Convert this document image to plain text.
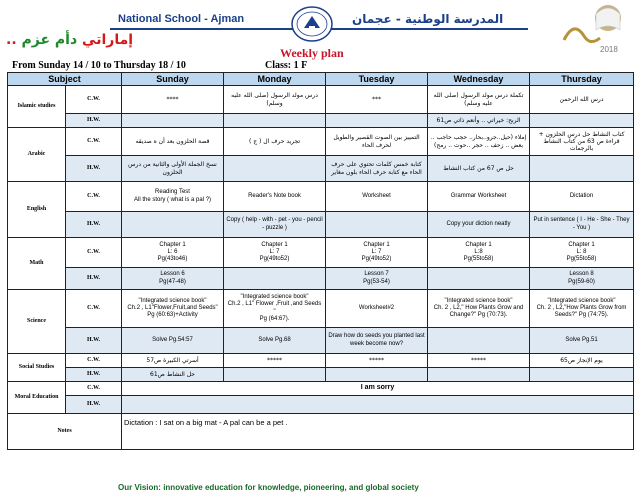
National School - Ajman	المدرسة الوطنية - عجمان
.. إماراتي دأم عزم
2018
Weekly plan
From Sunday 14 / 10 to Thursday 18 / 10	Class: 1 F
Subject		Sunday	Monday	Tuesday	Wednesday	Thursday
Islamic studies	C.W.	****	درس مولد الرسول (صلى الله عليه وسلم)	***	تكملة درس مولد الرسول (صلى الله عليه وسلم)	درس الله الرحمن
	H.W.				الربح: خيراتي .. وأنعم ذاتي ص61	
Arabic	C.W.	قصة الحلزون بعد أن ه صديقه	تجريد حرف ال ( ج )	التمييز بين الصوت القصير والطويل لحرف الحاء	إملاء (حيل..جرو..بحار.. حجب حاجب .. بعض .. زحف .. حجر ..حوت .. رمح)	كتاب النشاط حل درس الحلزون + قراءة ص 63 من كتاب النشاط بالرجمات
	H.W.	نسخ الجملة الأولى والثانية من درس الحلزون		كتابة خمس كلمات تحتوي على حرف الحاء مع كتابة حرف الحاء بلون مغاير	حل ص 67 من كتاب النشاط	
English	C.W.	Reading Test
All the story ( what is a pal ?)	Reader's Note book	Worksheet	Grammar Worksheet	Dictation
	H.W.		Copy ( help - with - pet - you - pencil - puzzle )		Copy your diction neatly	Put in sentence ( I - He - She - They - You )
Math	C.W.	Chapter 1
L: 6
Pg(43to46)	Chapter 1
L: 7
Pg(49to52)	Chapter 1
L: 7
Pg(49to52)	Chapter 1
L:8
Pg(55to58)	Chapter 1
L: 8
Pg(55to58)
	H.W.	Lesson 6
Pg(47-48)		Lesson 7
Pg(53-54)		Lesson 8
Pg(59-60)
Science	C.W.	"Integrated science book"
Ch.2 , L1"Flower,Fruit,and Seeds"
Pg (60:63)+Activity	"Integrated science book"
Ch.2 , L1" Flower ,Fruit ,and Seeds "
Pg (64:67).	Worksheet#2	"Integrated science book"
Ch. 2 , L2," How Plants Grow and Change?" Pg (70:73).	"Integrated science book"
Ch. 2 , L2,"How Plants Grow from Seeds?" Pg (74:75).
	H.W.	Solve Pg.54:57	Solve Pg.68	Draw how do seeds you planted last week become now?		Solve Pg.51
Social Studies	C.W.	أسرتي الكبيرة ص57	*****	*****	*****	يوم الإنجاز ص65
	H.W.	حل النشاط ص61				
Moral Education	C.W.	I am sorry				
	H.W.					
Notes		Dictation : I sat on a big mat - A pal can be a pet .				
Our Vision: innovative education for knowledge, pioneering, and global society
